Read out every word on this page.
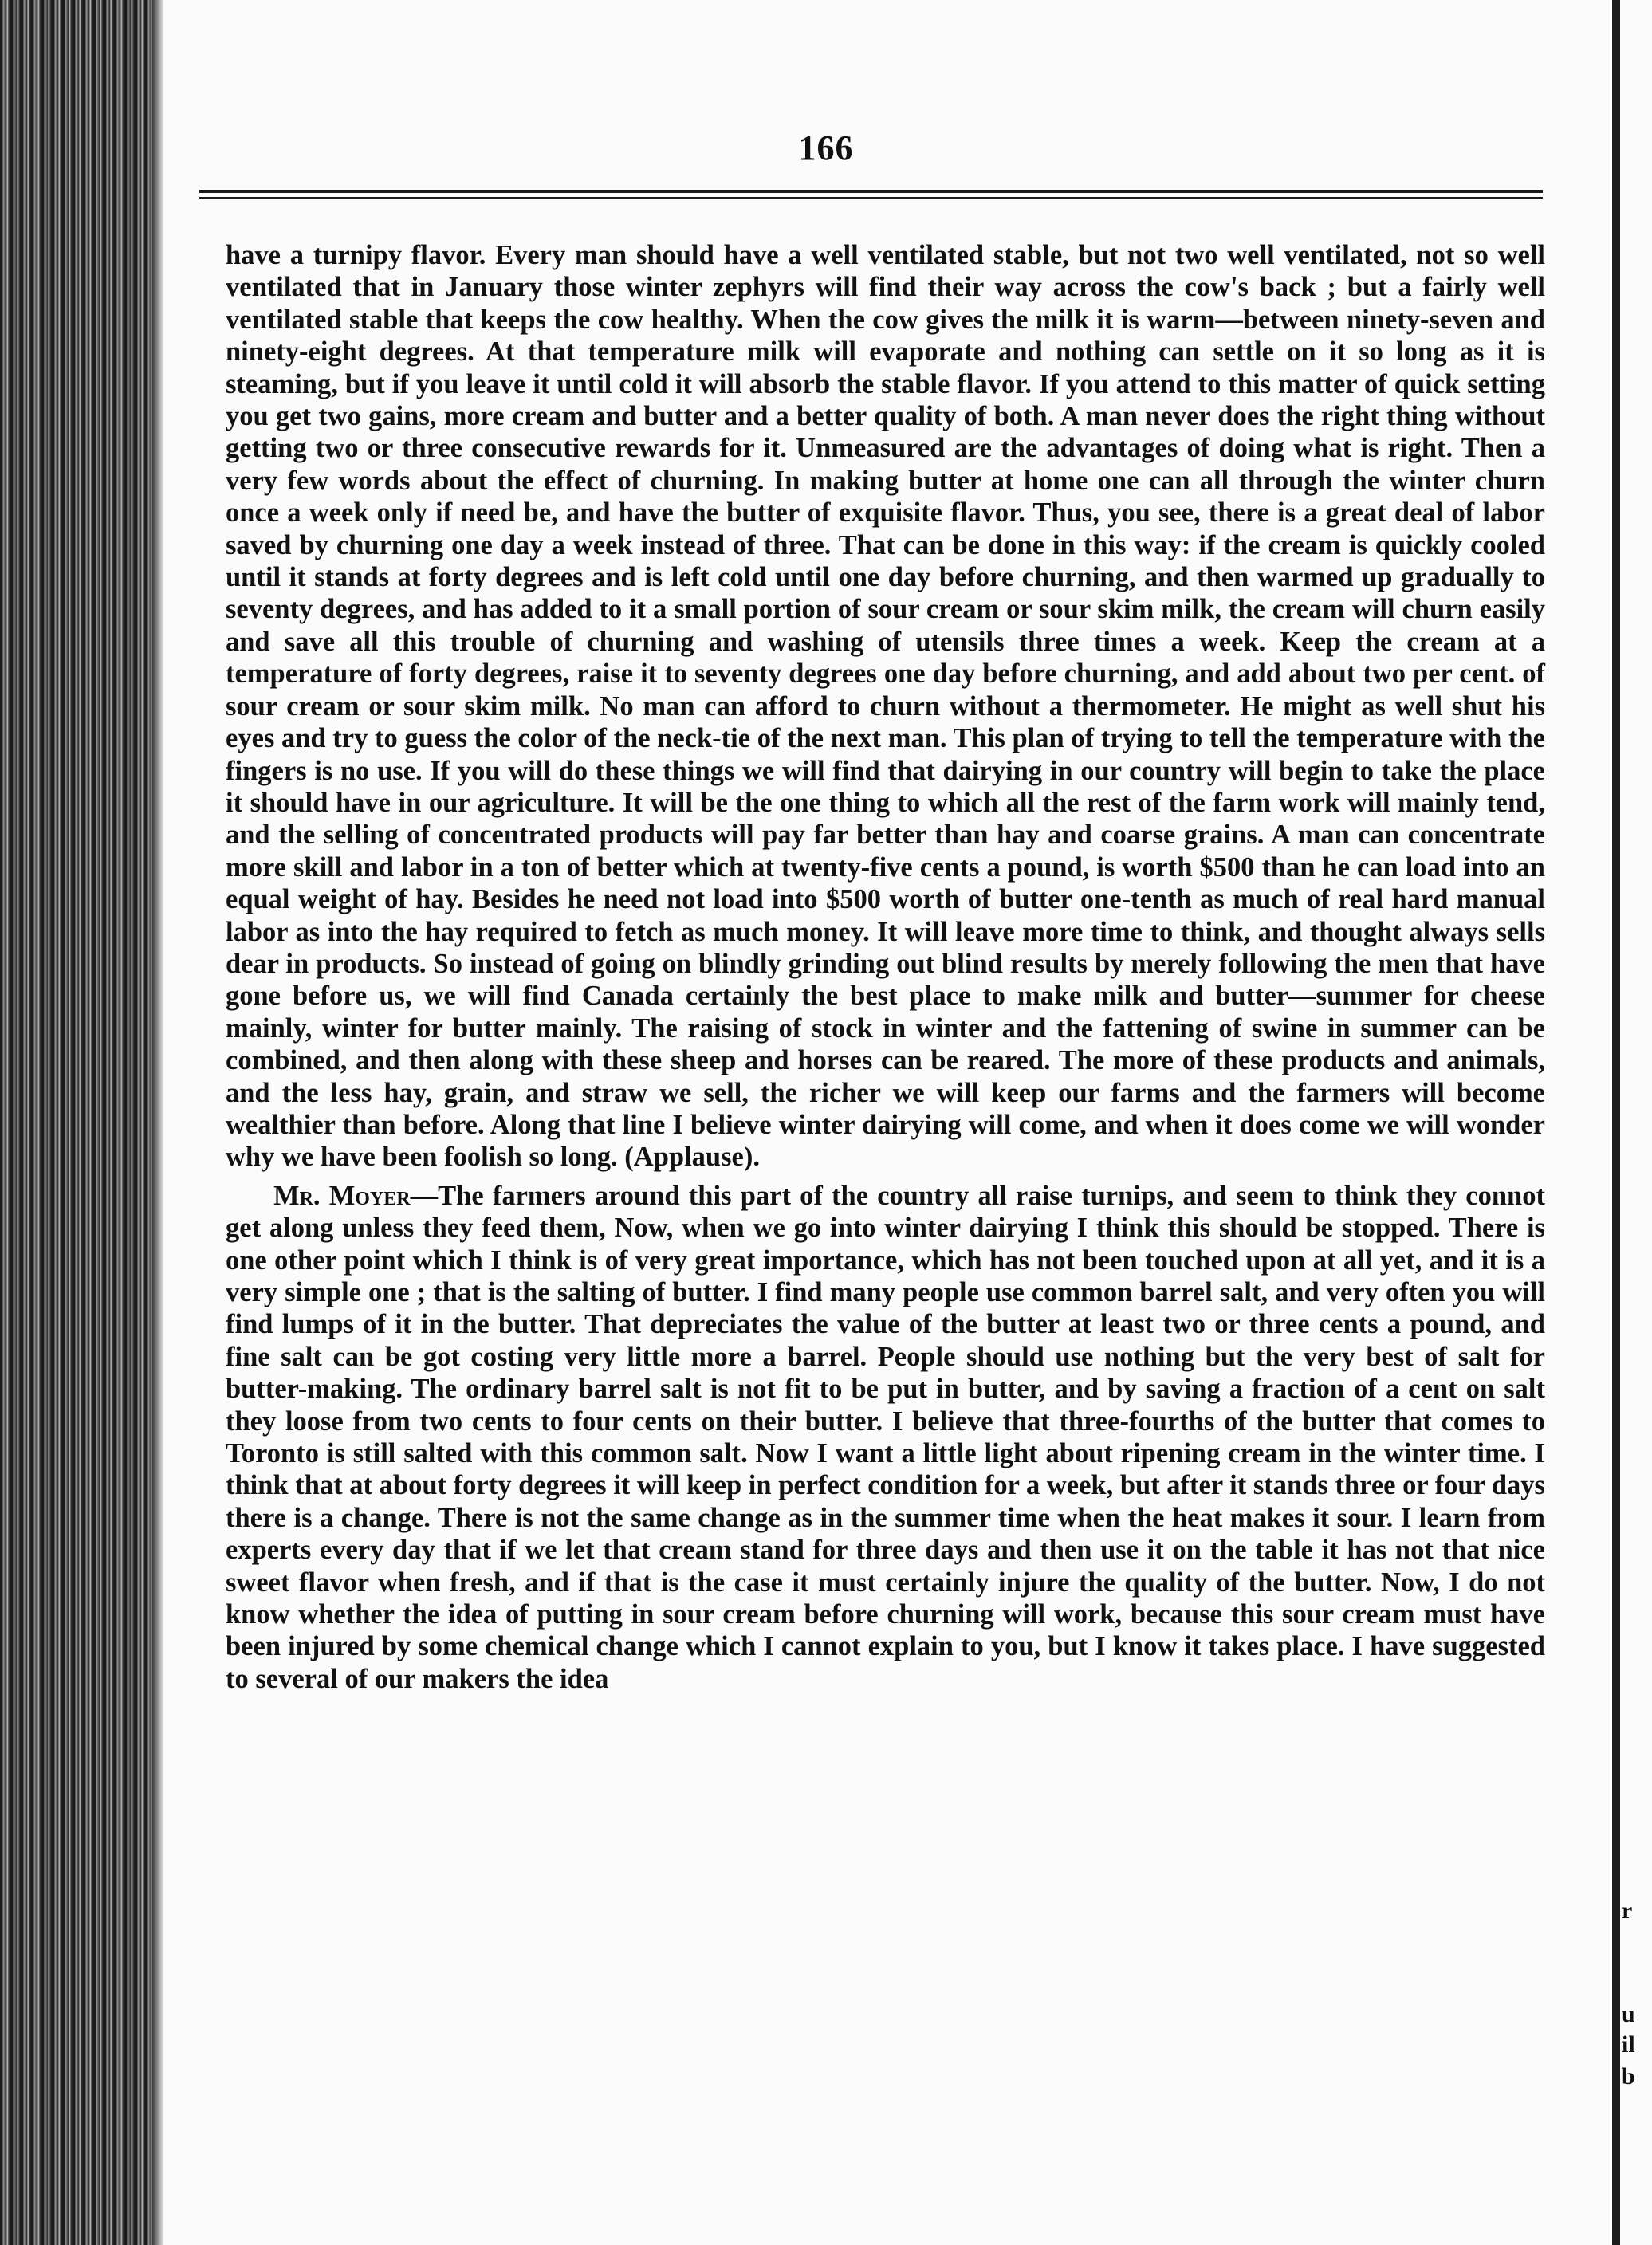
r
u
il
b
166

have a turnipy flavor. Every man should have a well ventilated stable, but not two well ventilated, not so well ventilated that in January those winter zephyrs will find their way across the cow's back ; but a fairly well ventilated stable that keeps the cow healthy. When the cow gives the milk it is warm—between ninety-seven and ninety-eight degrees. At that temperature milk will evaporate and nothing can settle on it so long as it is steaming, but if you leave it until cold it will absorb the stable flavor. If you attend to this matter of quick setting you get two gains, more cream and butter and a better quality of both. A man never does the right thing without getting two or three consecutive rewards for it. Unmeasured are the advantages of doing what is right. Then a very few words about the effect of churning. In making butter at home one can all through the winter churn once a week only if need be, and have the butter of exquisite flavor. Thus, you see, there is a great deal of labor saved by churning one day a week instead of three. That can be done in this way: if the cream is quickly cooled until it stands at forty degrees and is left cold until one day before churning, and then warmed up gradually to seventy degrees, and has added to it a small portion of sour cream or sour skim milk, the cream will churn easily and save all this trouble of churning and washing of utensils three times a week. Keep the cream at a temperature of forty degrees, raise it to seventy degrees one day before churning, and add about two per cent. of sour cream or sour skim milk. No man can afford to churn without a thermometer. He might as well shut his eyes and try to guess the color of the neck-tie of the next man. This plan of trying to tell the temperature with the fingers is no use. If you will do these things we will find that dairying in our country will begin to take the place it should have in our agriculture. It will be the one thing to which all the rest of the farm work will mainly tend, and the selling of concentrated products will pay far better than hay and coarse grains. A man can concentrate more skill and labor in a ton of better which at twenty-five cents a pound, is worth $500 than he can load into an equal weight of hay. Besides he need not load into $500 worth of butter one-tenth as much of real hard manual labor as into the hay required to fetch as much money. It will leave more time to think, and thought always sells dear in products. So instead of going on blindly grinding out blind results by merely following the men that have gone before us, we will find Canada certainly the best place to make milk and butter—summer for cheese mainly, winter for butter mainly. The raising of stock in winter and the fattening of swine in summer can be combined, and then along with these sheep and horses can be reared. The more of these products and animals, and the less hay, grain, and straw we sell, the richer we will keep our farms and the farmers will become wealthier than before. Along that line I believe winter dairying will come, and when it does come we will wonder why we have been foolish so long. (Applause).

Mr. Moyer—The farmers around this part of the country all raise turnips, and seem to think they connot get along unless they feed them, Now, when we go into winter dairying I think this should be stopped. There is one other point which I think is of very great importance, which has not been touched upon at all yet, and it is a very simple one ; that is the salting of butter. I find many people use common barrel salt, and very often you will find lumps of it in the butter. That depreciates the value of the butter at least two or three cents a pound, and fine salt can be got costing very little more a barrel. People should use nothing but the very best of salt for butter-making. The ordinary barrel salt is not fit to be put in butter, and by saving a fraction of a cent on salt they loose from two cents to four cents on their butter. I believe that three-fourths of the butter that comes to Toronto is still salted with this common salt. Now I want a little light about ripening cream in the winter time. I think that at about forty degrees it will keep in perfect condition for a week, but after it stands three or four days there is a change. There is not the same change as in the summer time when the heat makes it sour. I learn from experts every day that if we let that cream stand for three days and then use it on the table it has not that nice sweet flavor when fresh, and if that is the case it must certainly injure the quality of the butter. Now, I do not know whether the idea of putting in sour cream before churning will work, because this sour cream must have been injured by some chemical change which I cannot explain to you, but I know it takes place. I have suggested to several of our makers the idea
